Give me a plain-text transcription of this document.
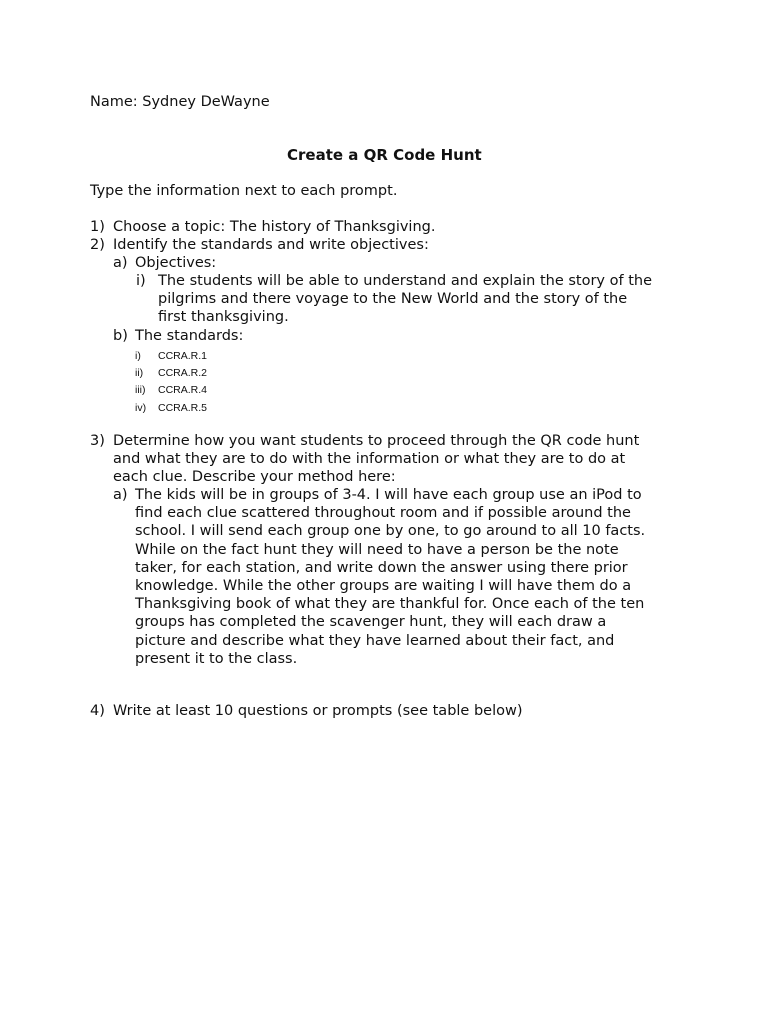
Name: Sydney DeWayne
Create a QR Code Hunt
Type the information next to each prompt.
1) Choose a topic: The history of Thanksgiving.
2) Identify the standards and write objectives:
a) Objectives:
i) The students will be able to understand and explain the story of the
pilgrims and there voyage to the New World and the story of the
first thanksgiving.
b) The standards:
i) CCRA.R.1
ii) CCRA.R.2
iii) CCRA.R.4
iv) CCRA.R.5
3) Determine how you want students to proceed through the QR code hunt
and what they are to do with the information or what they are to do at
each clue. Describe your method here:
a) The kids will be in groups of 3-4. I will have each group use an iPod to
find each clue scattered throughout room and if possible around the
school. I will send each group one by one, to go around to all 10 facts.
While on the fact hunt they will need to have a person be the note
taker, for each station, and write down the answer using there prior
knowledge. While the other groups are waiting I will have them do a
Thanksgiving book of what they are thankful for. Once each of the ten
groups has completed the scavenger hunt, they will each draw a
picture and describe what they have learned about their fact, and
present it to the class.
4) Write at least 10 questions or prompts (see table below)
